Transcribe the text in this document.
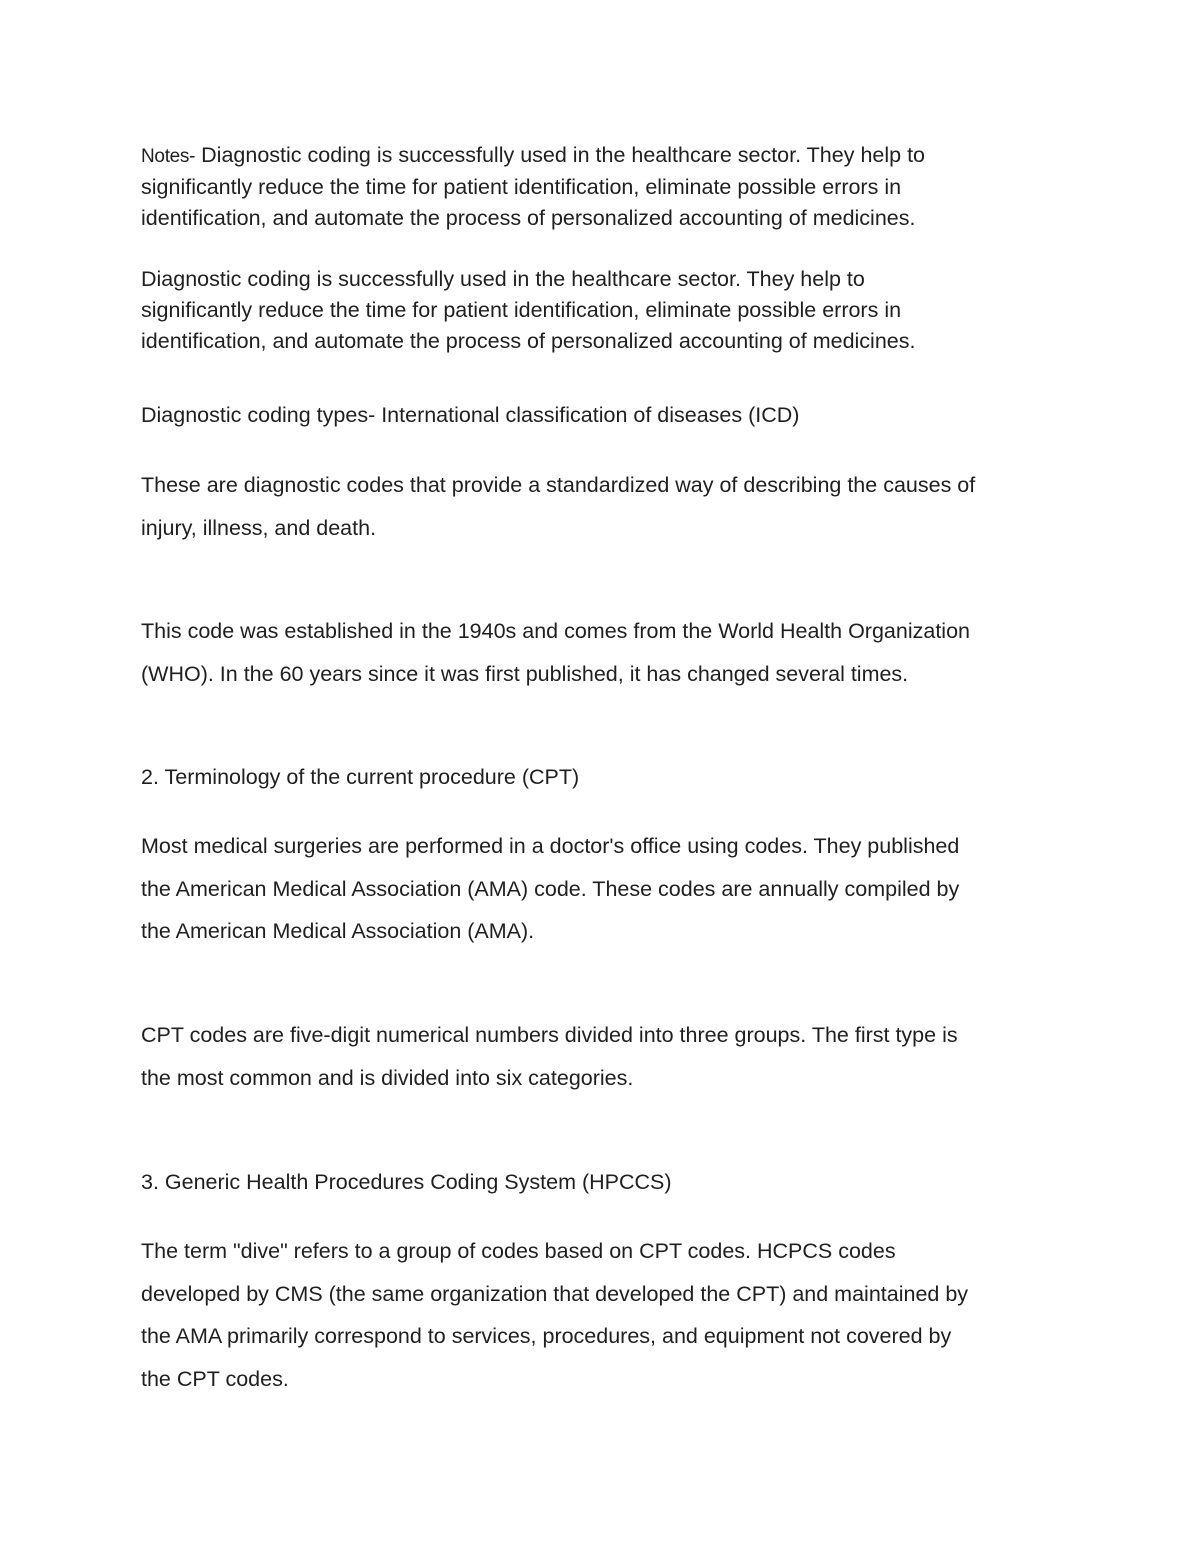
Notes- Diagnostic coding is successfully used in the healthcare sector. They help to
significantly reduce the time for patient identification, eliminate possible errors in
identification, and automate the process of personalized accounting of medicines.

Diagnostic coding is successfully used in the healthcare sector. They help to
significantly reduce the time for patient identification, eliminate possible errors in
identification, and automate the process of personalized accounting of medicines.

Diagnostic coding types- International classification of diseases (ICD)

These are diagnostic codes that provide a standardized way of describing the causes of
injury, illness, and death.

This code was established in the 1940s and comes from the World Health Organization
(WHO). In the 60 years since it was first published, it has changed several times.

2. Terminology of the current procedure (CPT)

Most medical surgeries are performed in a doctor's office using codes. They published
the American Medical Association (AMA) code. These codes are annually compiled by
the American Medical Association (AMA).

CPT codes are five-digit numerical numbers divided into three groups. The first type is
the most common and is divided into six categories.

3. Generic Health Procedures Coding System (HPCCS)

The term "dive" refers to a group of codes based on CPT codes. HCPCS codes
developed by CMS (the same organization that developed the CPT) and maintained by
the AMA primarily correspond to services, procedures, and equipment not covered by
the CPT codes.
